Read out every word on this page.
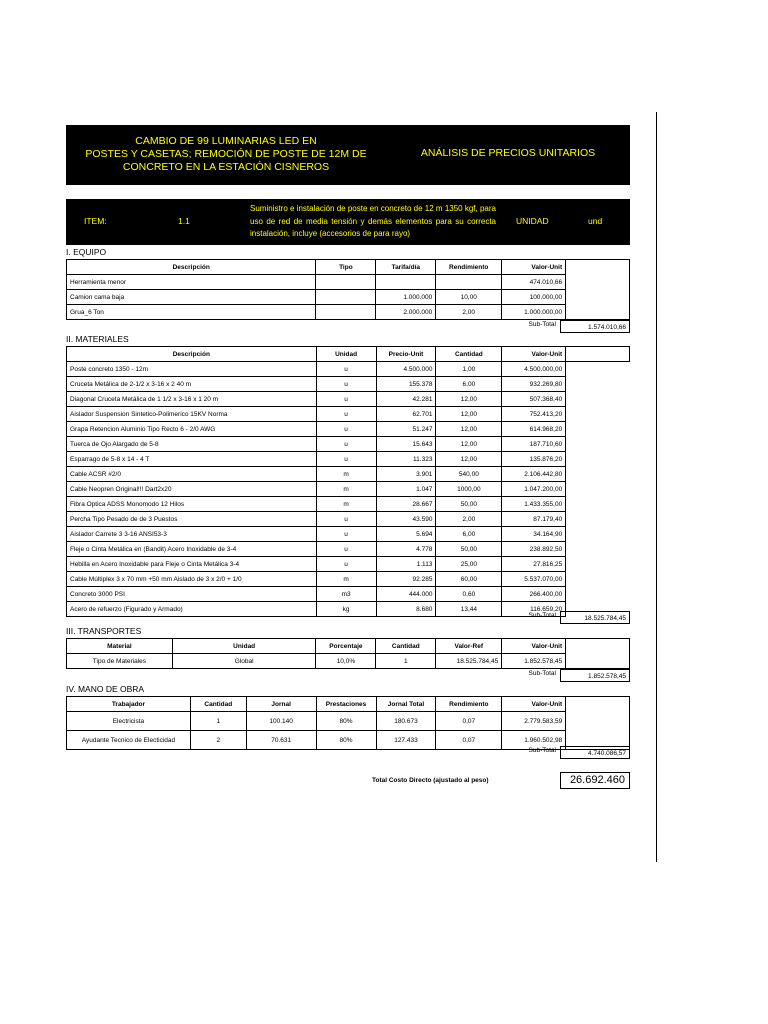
CAMBIO DE 99 LUMINARIAS LED EN
POSTES Y CASETAS; REMOCIÓN DE POSTE DE 12M DE
CONCRETO EN LA ESTACIÓN CISNEROS
ANÁLISIS DE PRECIOS UNITARIOS
ITEM:	1.1
Suministro e instalación de poste en concreto de 12 m 1350 kgf, para uso de red de media tensión y demás elementos para su correcta instalación, incluye (accesorios de para rayo)
UNIDAD	und
I. EQUIPO
Descripción	Tipo	Tarifa/día	Rendimiento	Valor-Unit	
Herramienta menor				474.010,66	
Camion cama baja		1.000.000	10,00	100.000,00	
Grua_6 Ton		2.000.000	2,00	1.000.000,00	
Sub-Total	1.574.010,66
II. MATERIALES
Descripción	Unidad	Precio-Unit	Cantidad	Valor-Unit	
Poste concreto 1350 - 12m	u	4.500.000	1,00	4.500.000,00	
Cruceta Metálica de 2-1/2 x 3-16 x 2 40 m	u	155.378	6,00	932.269,80	
Diagonal Cruceta Metálica de 1 1/2 x 3-16 x 1 20 m	u	42.281	12,00	507.368,40	
Aislador Suspension Sintetico-Polimerico 15KV Norma	u	62.701	12,00	752.413,20	
Grapa Retencion Aluminio Tipo Recto 6 - 2/0 AWG	u	51.247	12,00	614.968,20	
Tuerca de Ojo Alargado de 5-8	u	15.643	12,00	187.710,60	
Esparrago de 5-8 x 14 - 4 T	u	11.323	12,00	135.876,20	
Cable ACSR #2/0	m	3.901	540,00	2.106.442,80	
Cable Neopren Original!!! Dart2x20	m	1.047	1000,00	1.047.200,00	
Fibra Optica ADSS Monomodo 12 Hilos	m	28.667	50,00	1.433.355,00	
Percha Tipo Pesado de de 3 Puestos	u	43.590	2,00	87.179,40	
Aislador Carrete 3 3-16 ANSI53-3	u	5.694	6,00	34.164,90	
Fleje o Cinta Metálica en (Bandit) Acero Inoxidable de 3-4	u	4.778	50,00	238.892,50	
Hebilla en Acero Inoxidable para Fleje o Cinta Metálica 3-4	u	1.113	25,00	27.816,25	
Cable Múltiplex 3 x 70 mm +50 mm Aislado de 3 x 2/0 + 1/0	m	92.285	60,00	5.537.070,00	
Concreto 3000 PSI	m3	444.000	0,60	266.400,00	
Acero de refuerzo (Figurado y Armado)	kg	8.680	13,44	116.659,20	
Sub-Total	18.525.784,45
III. TRANSPORTES
Material	Unidad	Porcentaje	Cantidad	Valor-Ref	Valor-Unit	
Tipo de Materiales	Global	10,0%	1	18.525.784,45	1.852.578,45	
Sub-Total	1.852.578,45
IV. MANO DE OBRA
Trabajador	Cantidad	Jornal	Prestaciones	Jornal Total	Rendimiento	Valor-Unit	
Electricista	1	100.140	80%	180.673	0,07	2.779.583,59	
Ayudante Tecnico de Electicidad	2	70.631	80%	127.433	0,07	1.960.502,98	
Sub-Total	4.740.086,57
Total Costo Directo (ajustado al peso)	26.692.460
